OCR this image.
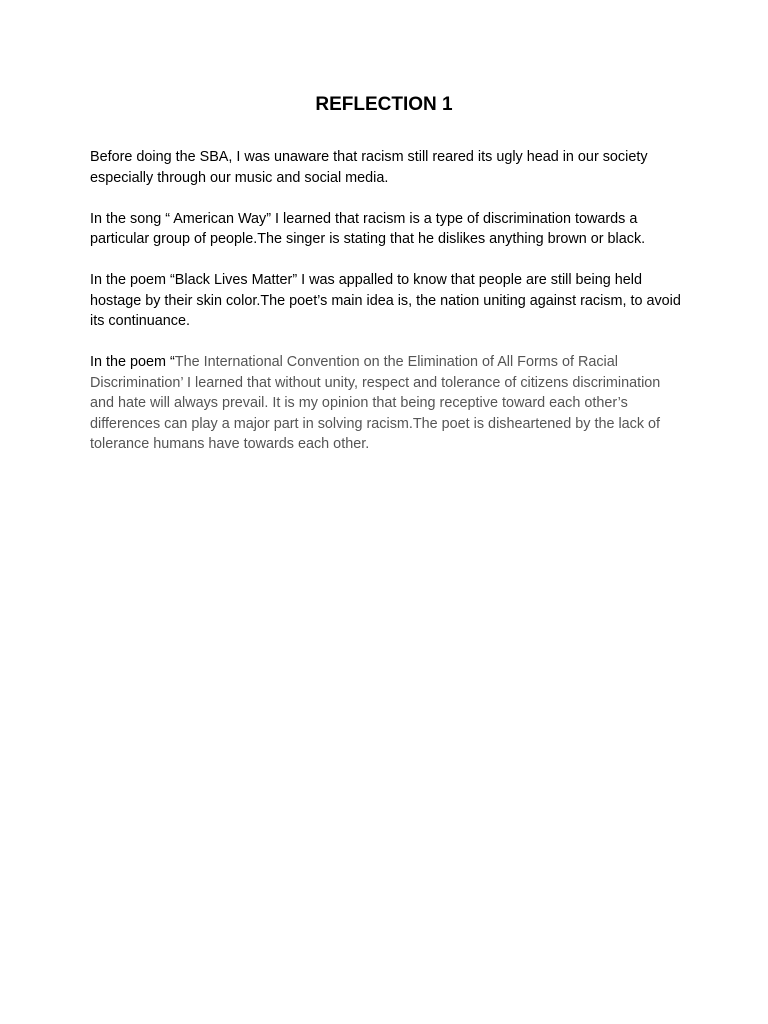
REFLECTION 1

Before doing the SBA, I was unaware that racism still reared its ugly head in our society especially through our music and social media.

In the song “ American Way” I learned that racism is a type of discrimination towards a particular group of people.The singer is stating that he dislikes anything brown or black.

In the poem “Black Lives Matter” I was appalled to know that people are still being held hostage by their skin color.The poet’s main idea is, the nation uniting against racism, to avoid its continuance.

In the poem “The International Convention on the Elimination of All Forms of Racial Discrimination’ I learned that without unity, respect and tolerance of citizens discrimination and hate will always prevail. It is my opinion that being receptive toward each other’s differences can play a major part in solving racism.The poet is disheartened by the lack of tolerance humans have towards each other.
